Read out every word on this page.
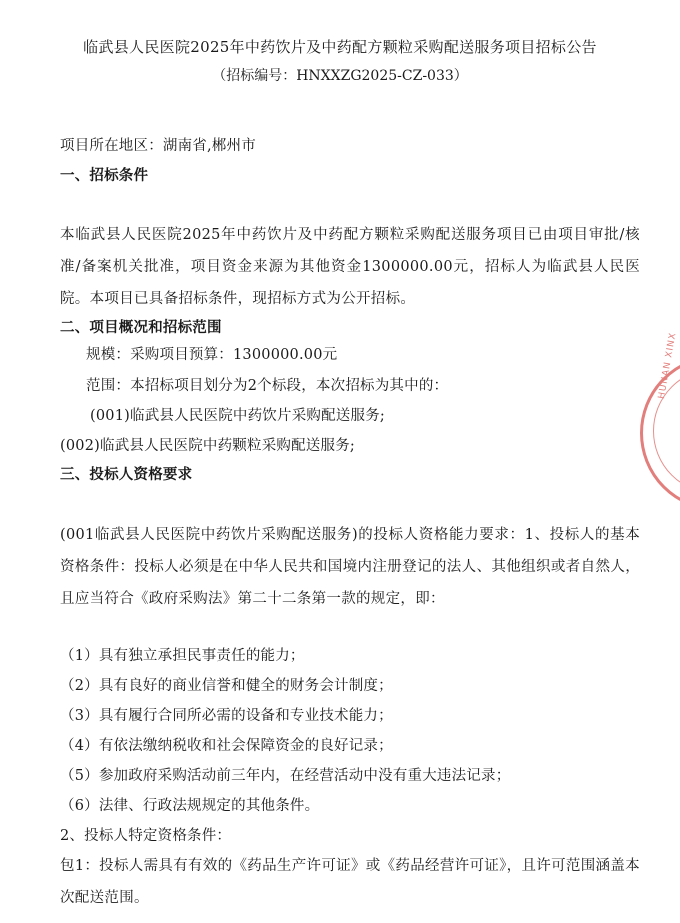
临武县人民医院2025年中药饮片及中药配方颗粒采购配送服务项目招标公告
（招标编号：HNXXZG2025-CZ-033）
项目所在地区：湖南省,郴州市
一、招标条件
本临武县人民医院2025年中药饮片及中药配方颗粒采购配送服务项目已由项目审批/核准/备案机关批准，项目资金来源为其他资金1300000.00元，招标人为临武县人民医院。本项目已具备招标条件，现招标方式为公开招标。
二、项目概况和招标范围
规模：采购项目预算：1300000.00元
范围：本招标项目划分为2个标段，本次招标为其中的：
(001)临武县人民医院中药饮片采购配送服务;
(002)临武县人民医院中药颗粒采购配送服务;
三、投标人资格要求
(001临武县人民医院中药饮片采购配送服务)的投标人资格能力要求：1、投标人的基本资格条件：投标人必须是在中华人民共和国境内注册登记的法人、其他组织或者自然人，且应当符合《政府采购法》第二十二条第一款的规定，即：
（1）具有独立承担民事责任的能力；
（2）具有良好的商业信誉和健全的财务会计制度；
（3）具有履行合同所必需的设备和专业技术能力；
（4）有依法缴纳税收和社会保障资金的良好记录；
（5）参加政府采购活动前三年内，在经营活动中没有重大违法记录；
（6）法律、行政法规规定的其他条件。
2、投标人特定资格条件：
包1：投标人需具有有效的《药品生产许可证》或《药品经营许可证》，且许可范围涵盖本次配送范围。
HUNAN XINX
